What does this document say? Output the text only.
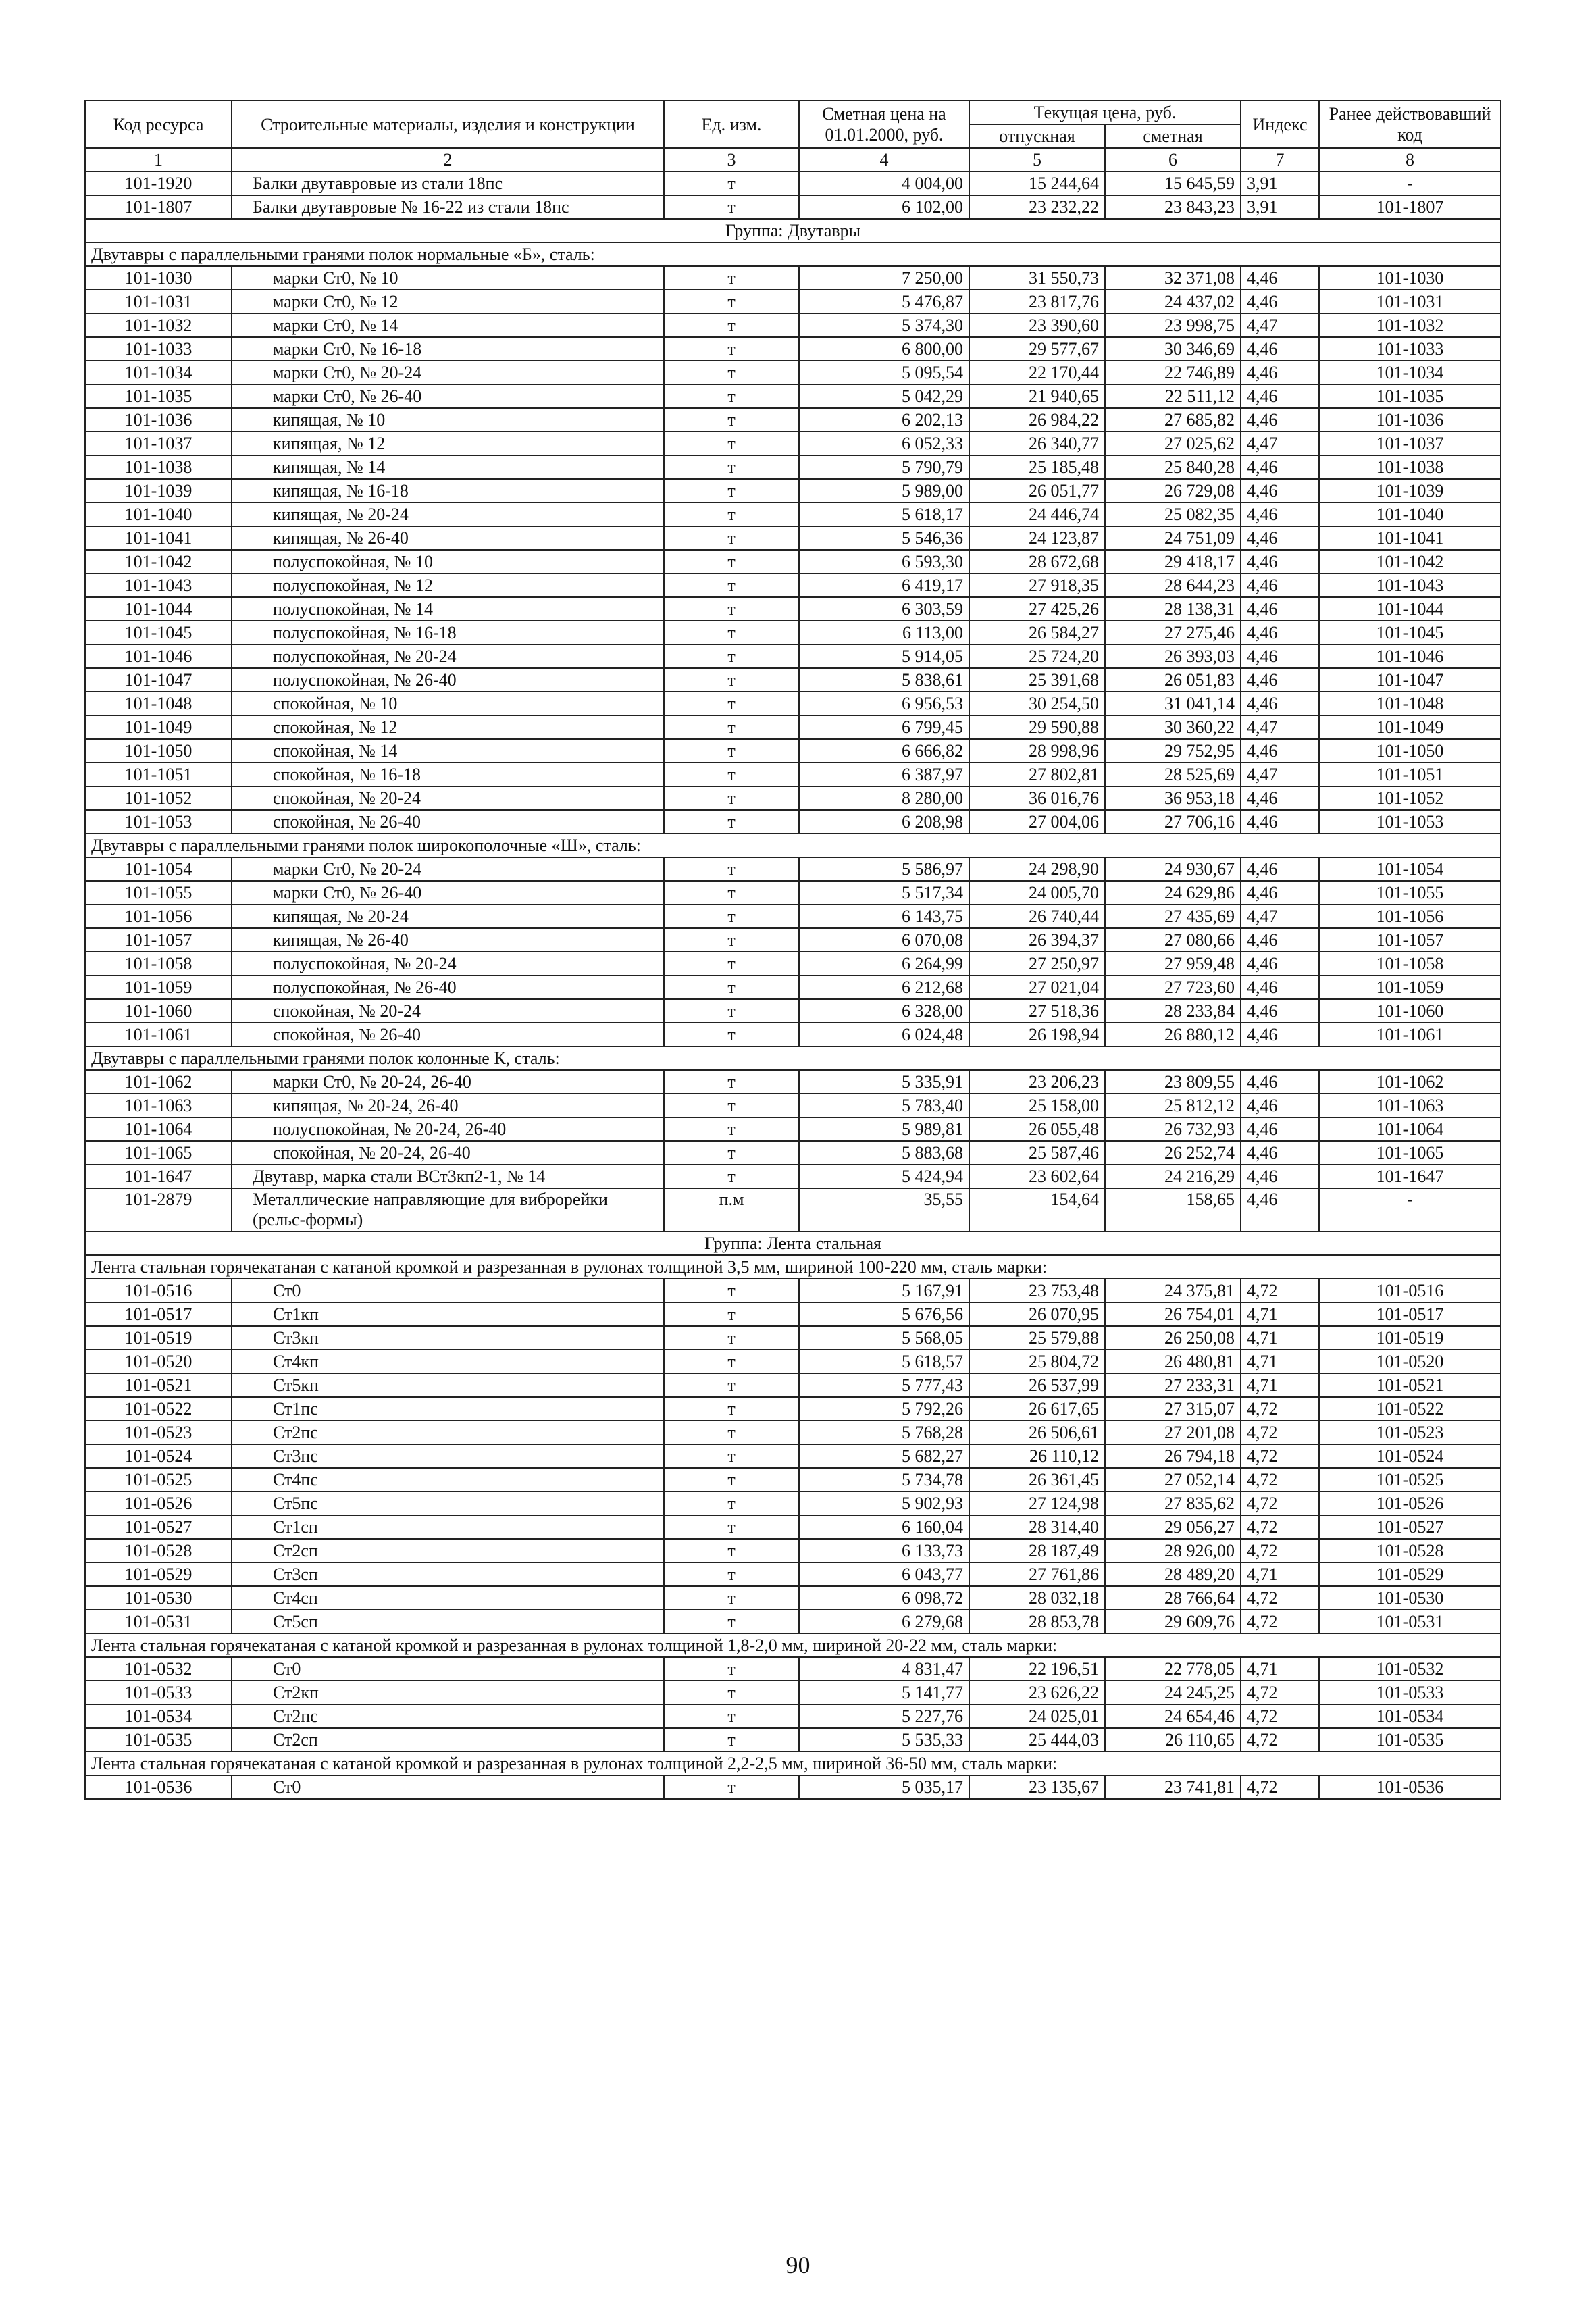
Код ресурса	Строительные материалы, изделия и конструкции	Ед. изм.	Сметная цена на 01.01.2000, руб.	Текущая цена, руб.		Индекс	Ранее действовавший код
				отпускная	сметная		
1	2	3	4	5	6	7	8
101-1920	Балки двутавровые из стали 18пс	т	4 004,00	15 244,64	15 645,59	3,91	-
101-1807	Балки двутавровые № 16-22 из стали 18пс	т	6 102,00	23 232,22	23 843,23	3,91	101-1807
Группа: Двутавры							
Двутавры с параллельными гранями полок нормальные «Б», сталь:							
101-1030	марки Ст0, № 10	т	7 250,00	31 550,73	32 371,08	4,46	101-1030
101-1031	марки Ст0, № 12	т	5 476,87	23 817,76	24 437,02	4,46	101-1031
101-1032	марки Ст0, № 14	т	5 374,30	23 390,60	23 998,75	4,47	101-1032
101-1033	марки Ст0, № 16-18	т	6 800,00	29 577,67	30 346,69	4,46	101-1033
101-1034	марки Ст0, № 20-24	т	5 095,54	22 170,44	22 746,89	4,46	101-1034
101-1035	марки Ст0, № 26-40	т	5 042,29	21 940,65	22 511,12	4,46	101-1035
101-1036	кипящая, № 10	т	6 202,13	26 984,22	27 685,82	4,46	101-1036
101-1037	кипящая, № 12	т	6 052,33	26 340,77	27 025,62	4,47	101-1037
101-1038	кипящая, № 14	т	5 790,79	25 185,48	25 840,28	4,46	101-1038
101-1039	кипящая, № 16-18	т	5 989,00	26 051,77	26 729,08	4,46	101-1039
101-1040	кипящая, № 20-24	т	5 618,17	24 446,74	25 082,35	4,46	101-1040
101-1041	кипящая, № 26-40	т	5 546,36	24 123,87	24 751,09	4,46	101-1041
101-1042	полуспокойная, № 10	т	6 593,30	28 672,68	29 418,17	4,46	101-1042
101-1043	полуспокойная, № 12	т	6 419,17	27 918,35	28 644,23	4,46	101-1043
101-1044	полуспокойная, № 14	т	6 303,59	27 425,26	28 138,31	4,46	101-1044
101-1045	полуспокойная, № 16-18	т	6 113,00	26 584,27	27 275,46	4,46	101-1045
101-1046	полуспокойная, № 20-24	т	5 914,05	25 724,20	26 393,03	4,46	101-1046
101-1047	полуспокойная, № 26-40	т	5 838,61	25 391,68	26 051,83	4,46	101-1047
101-1048	спокойная, № 10	т	6 956,53	30 254,50	31 041,14	4,46	101-1048
101-1049	спокойная, № 12	т	6 799,45	29 590,88	30 360,22	4,47	101-1049
101-1050	спокойная, № 14	т	6 666,82	28 998,96	29 752,95	4,46	101-1050
101-1051	спокойная, № 16-18	т	6 387,97	27 802,81	28 525,69	4,47	101-1051
101-1052	спокойная, № 20-24	т	8 280,00	36 016,76	36 953,18	4,46	101-1052
101-1053	спокойная, № 26-40	т	6 208,98	27 004,06	27 706,16	4,46	101-1053
Двутавры с параллельными гранями полок широкополочные «Ш», сталь:							
101-1054	марки Ст0, № 20-24	т	5 586,97	24 298,90	24 930,67	4,46	101-1054
101-1055	марки Ст0, № 26-40	т	5 517,34	24 005,70	24 629,86	4,46	101-1055
101-1056	кипящая, № 20-24	т	6 143,75	26 740,44	27 435,69	4,47	101-1056
101-1057	кипящая, № 26-40	т	6 070,08	26 394,37	27 080,66	4,46	101-1057
101-1058	полуспокойная, № 20-24	т	6 264,99	27 250,97	27 959,48	4,46	101-1058
101-1059	полуспокойная, № 26-40	т	6 212,68	27 021,04	27 723,60	4,46	101-1059
101-1060	спокойная, № 20-24	т	6 328,00	27 518,36	28 233,84	4,46	101-1060
101-1061	спокойная, № 26-40	т	6 024,48	26 198,94	26 880,12	4,46	101-1061
Двутавры с параллельными гранями полок колонные К, сталь:							
101-1062	марки Ст0, № 20-24, 26-40	т	5 335,91	23 206,23	23 809,55	4,46	101-1062
101-1063	кипящая, № 20-24, 26-40	т	5 783,40	25 158,00	25 812,12	4,46	101-1063
101-1064	полуспокойная, № 20-24, 26-40	т	5 989,81	26 055,48	26 732,93	4,46	101-1064
101-1065	спокойная, № 20-24, 26-40	т	5 883,68	25 587,46	26 252,74	4,46	101-1065
101-1647	Двутавр, марка стали ВСт3кп2-1, № 14	т	5 424,94	23 602,64	24 216,29	4,46	101-1647
101-2879	Металлические направляющие для виброрейки (рельс-формы)	п.м	35,55	154,64	158,65	4,46	-
Группа: Лента стальная							
Лента стальная горячекатаная с катаной кромкой и разрезанная в рулонах толщиной 3,5 мм, шириной 100-220 мм, сталь марки:							
101-0516	Ст0	т	5 167,91	23 753,48	24 375,81	4,72	101-0516
101-0517	Ст1кп	т	5 676,56	26 070,95	26 754,01	4,71	101-0517
101-0519	Ст3кп	т	5 568,05	25 579,88	26 250,08	4,71	101-0519
101-0520	Ст4кп	т	5 618,57	25 804,72	26 480,81	4,71	101-0520
101-0521	Ст5кп	т	5 777,43	26 537,99	27 233,31	4,71	101-0521
101-0522	Ст1пс	т	5 792,26	26 617,65	27 315,07	4,72	101-0522
101-0523	Ст2пс	т	5 768,28	26 506,61	27 201,08	4,72	101-0523
101-0524	Ст3пс	т	5 682,27	26 110,12	26 794,18	4,72	101-0524
101-0525	Ст4пс	т	5 734,78	26 361,45	27 052,14	4,72	101-0525
101-0526	Ст5пс	т	5 902,93	27 124,98	27 835,62	4,72	101-0526
101-0527	Ст1сп	т	6 160,04	28 314,40	29 056,27	4,72	101-0527
101-0528	Ст2сп	т	6 133,73	28 187,49	28 926,00	4,72	101-0528
101-0529	Ст3сп	т	6 043,77	27 761,86	28 489,20	4,71	101-0529
101-0530	Ст4сп	т	6 098,72	28 032,18	28 766,64	4,72	101-0530
101-0531	Ст5сп	т	6 279,68	28 853,78	29 609,76	4,72	101-0531
Лента стальная горячекатаная с катаной кромкой и разрезанная в рулонах толщиной 1,8-2,0 мм, шириной 20-22 мм, сталь марки:							
101-0532	Ст0	т	4 831,47	22 196,51	22 778,05	4,71	101-0532
101-0533	Ст2кп	т	5 141,77	23 626,22	24 245,25	4,72	101-0533
101-0534	Ст2пс	т	5 227,76	24 025,01	24 654,46	4,72	101-0534
101-0535	Ст2сп	т	5 535,33	25 444,03	26 110,65	4,72	101-0535
Лента стальная горячекатаная с катаной кромкой и разрезанная в рулонах толщиной 2,2-2,5 мм, шириной 36-50 мм, сталь марки:							
101-0536	Ст0	т	5 035,17	23 135,67	23 741,81	4,72	101-0536
90
